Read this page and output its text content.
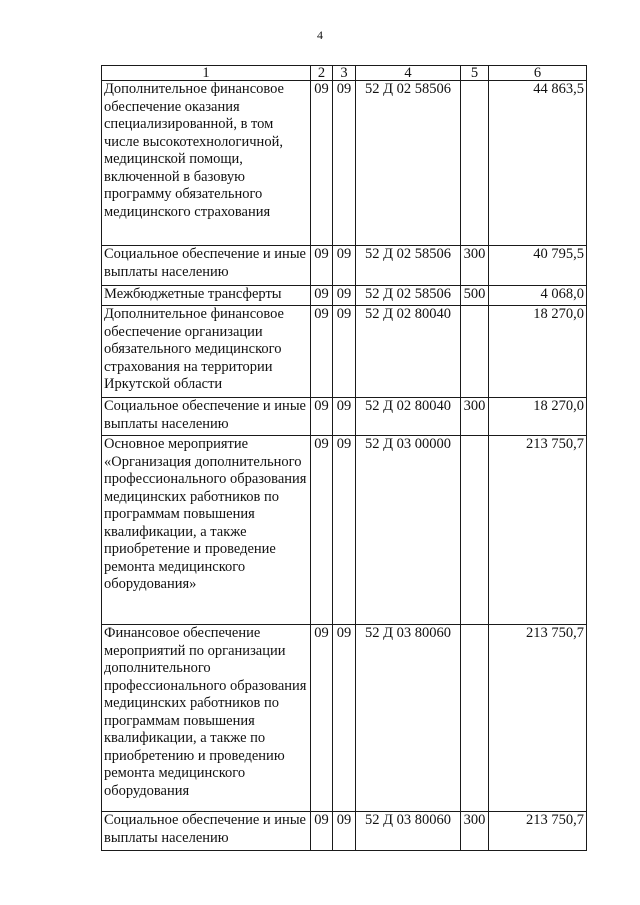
4
1	2	3	4	5	6
Дополнительное финансовое обеспечение оказания специализированной, в том числе высокотехнологичной, медицинской помощи, включенной в базовую программу обязательного медицинского страхования	09	09	52 Д 02 58506		44 863,5
Социальное обеспечение и иные выплаты населению	09	09	52 Д 02 58506	300	40 795,5
Межбюджетные трансферты	09	09	52 Д 02 58506	500	4 068,0
Дополнительное финансовое обеспечение организации обязательного медицинского страхования на территории Иркутской области	09	09	52 Д 02 80040		18 270,0
Социальное обеспечение и иные выплаты населению	09	09	52 Д 02 80040	300	18 270,0
Основное мероприятие «Организация дополнительного профессионального образования медицинских работников по программам повышения квалификации, а также приобретение и проведение ремонта медицинского оборудования»	09	09	52 Д 03 00000		213 750,7
Финансовое обеспечение мероприятий по организации дополнительного профессионального образования медицинских работников по программам повышения квалификации, а также по приобретению и проведению ремонта медицинского оборудования	09	09	52 Д 03 80060		213 750,7
Социальное обеспечение и иные выплаты населению	09	09	52 Д 03 80060	300	213 750,7
